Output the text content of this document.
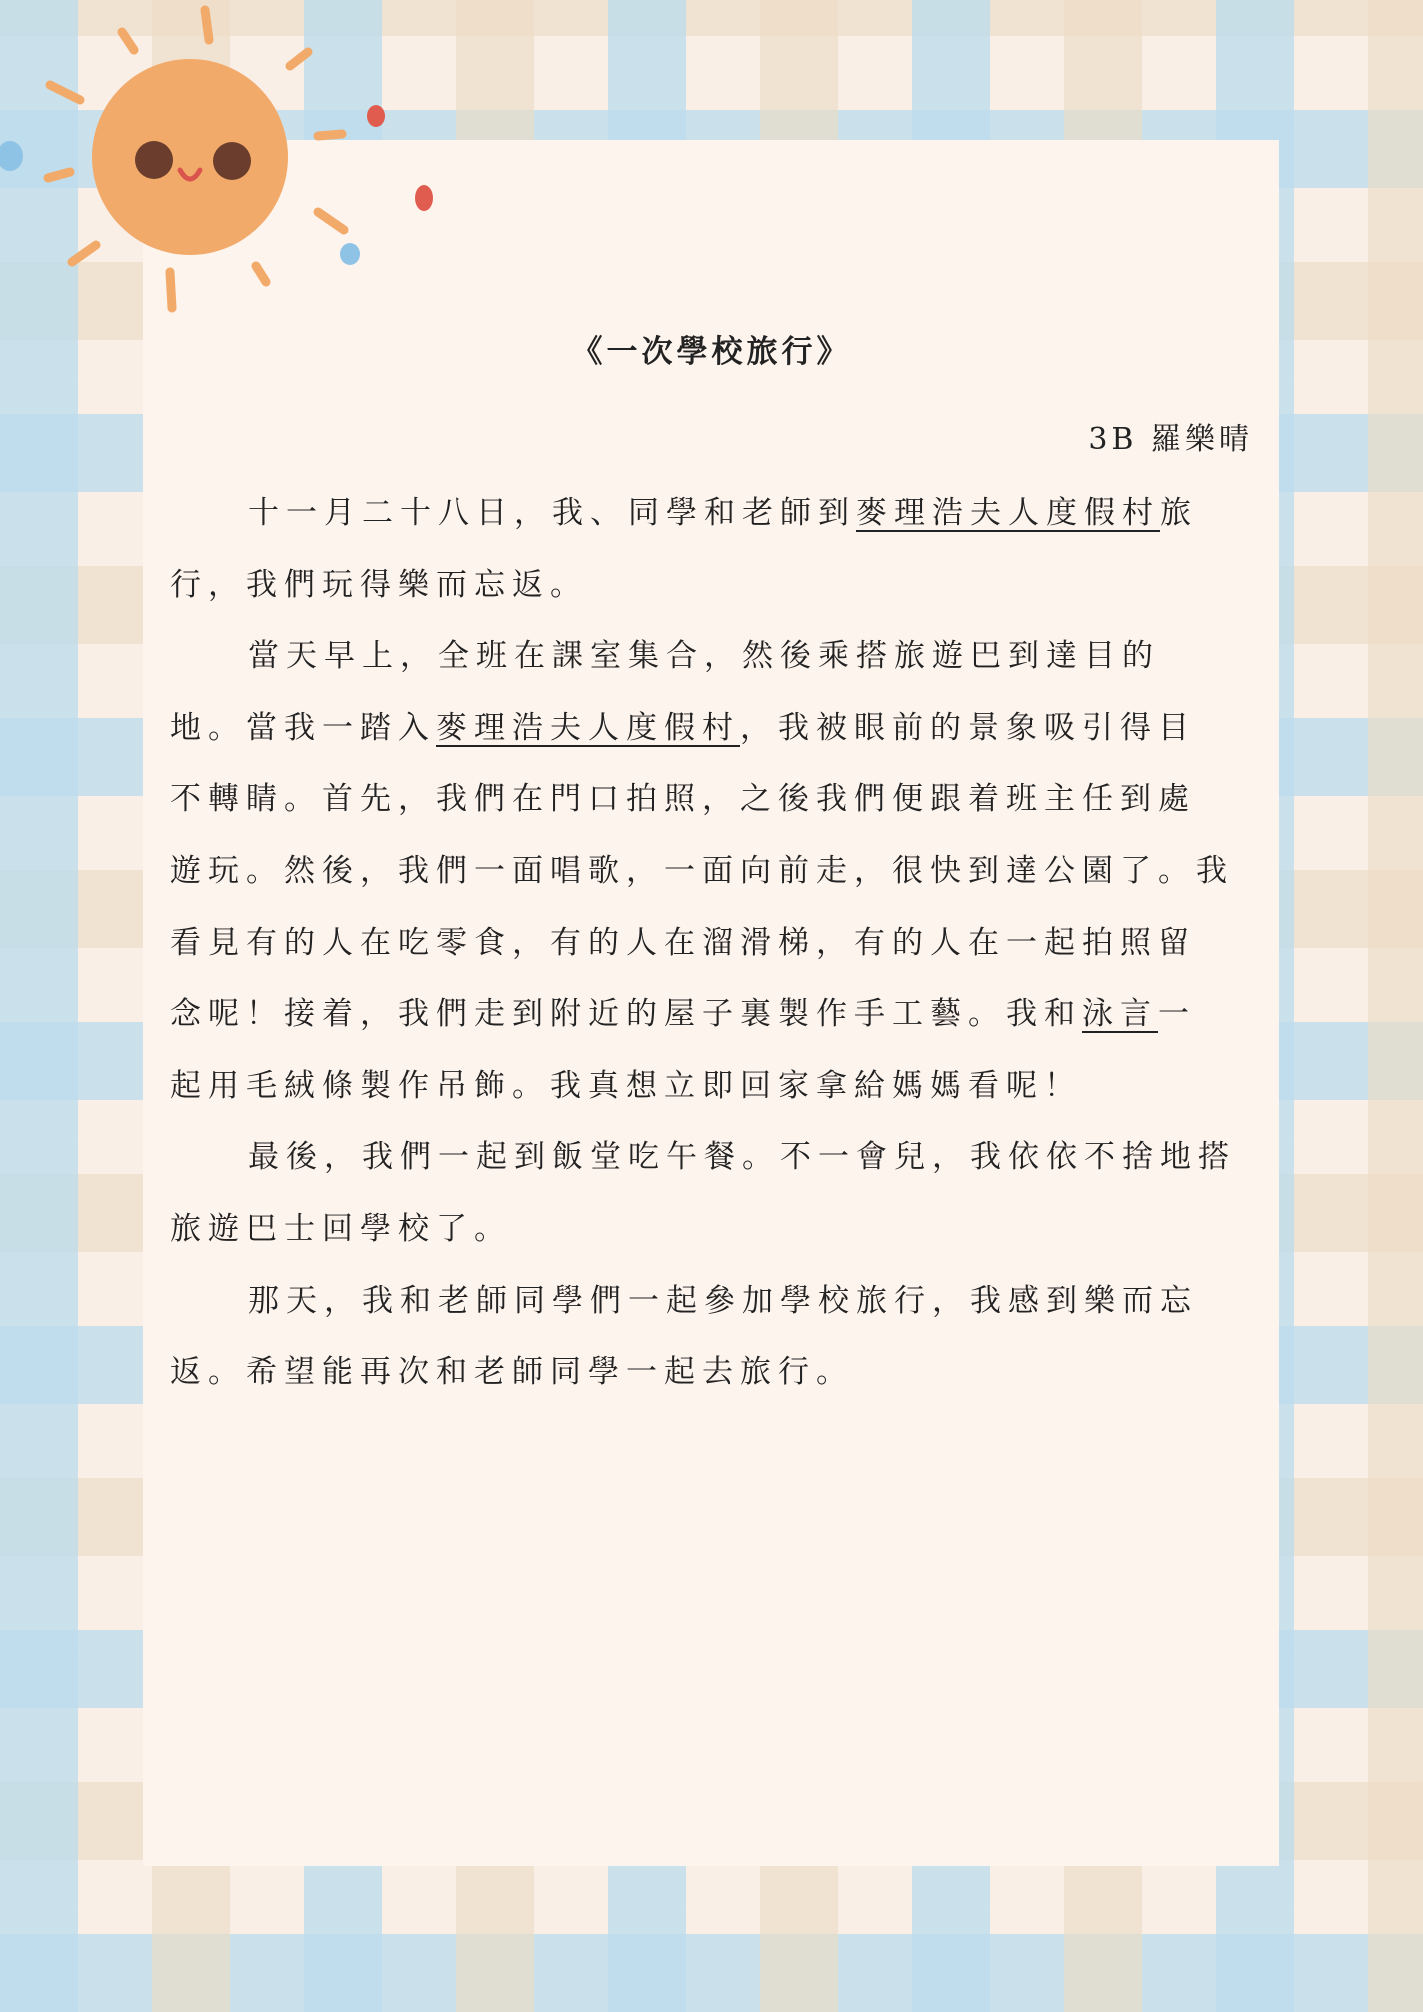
《一次學校旅行》
3B 羅樂晴
十一月二十八日，我、同學和老師到麥理浩夫人度假村旅
行，我們玩得樂而忘返。
當天早上，全班在課室集合，然後乘搭旅遊巴到達目的
地。當我一踏入麥理浩夫人度假村，我被眼前的景象吸引得目
不轉睛。首先，我們在門口拍照，之後我們便跟着班主任到處
遊玩。然後，我們一面唱歌，一面向前走，很快到達公園了。我
看見有的人在吃零食，有的人在溜滑梯，有的人在一起拍照留
念呢！接着，我們走到附近的屋子裏製作手工藝。我和泳言一
起用毛絨條製作吊飾。我真想立即回家拿給媽媽看呢！
最後，我們一起到飯堂吃午餐。不一會兒，我依依不捨地搭
旅遊巴士回學校了。
那天，我和老師同學們一起參加學校旅行，我感到樂而忘
返。希望能再次和老師同學一起去旅行。
